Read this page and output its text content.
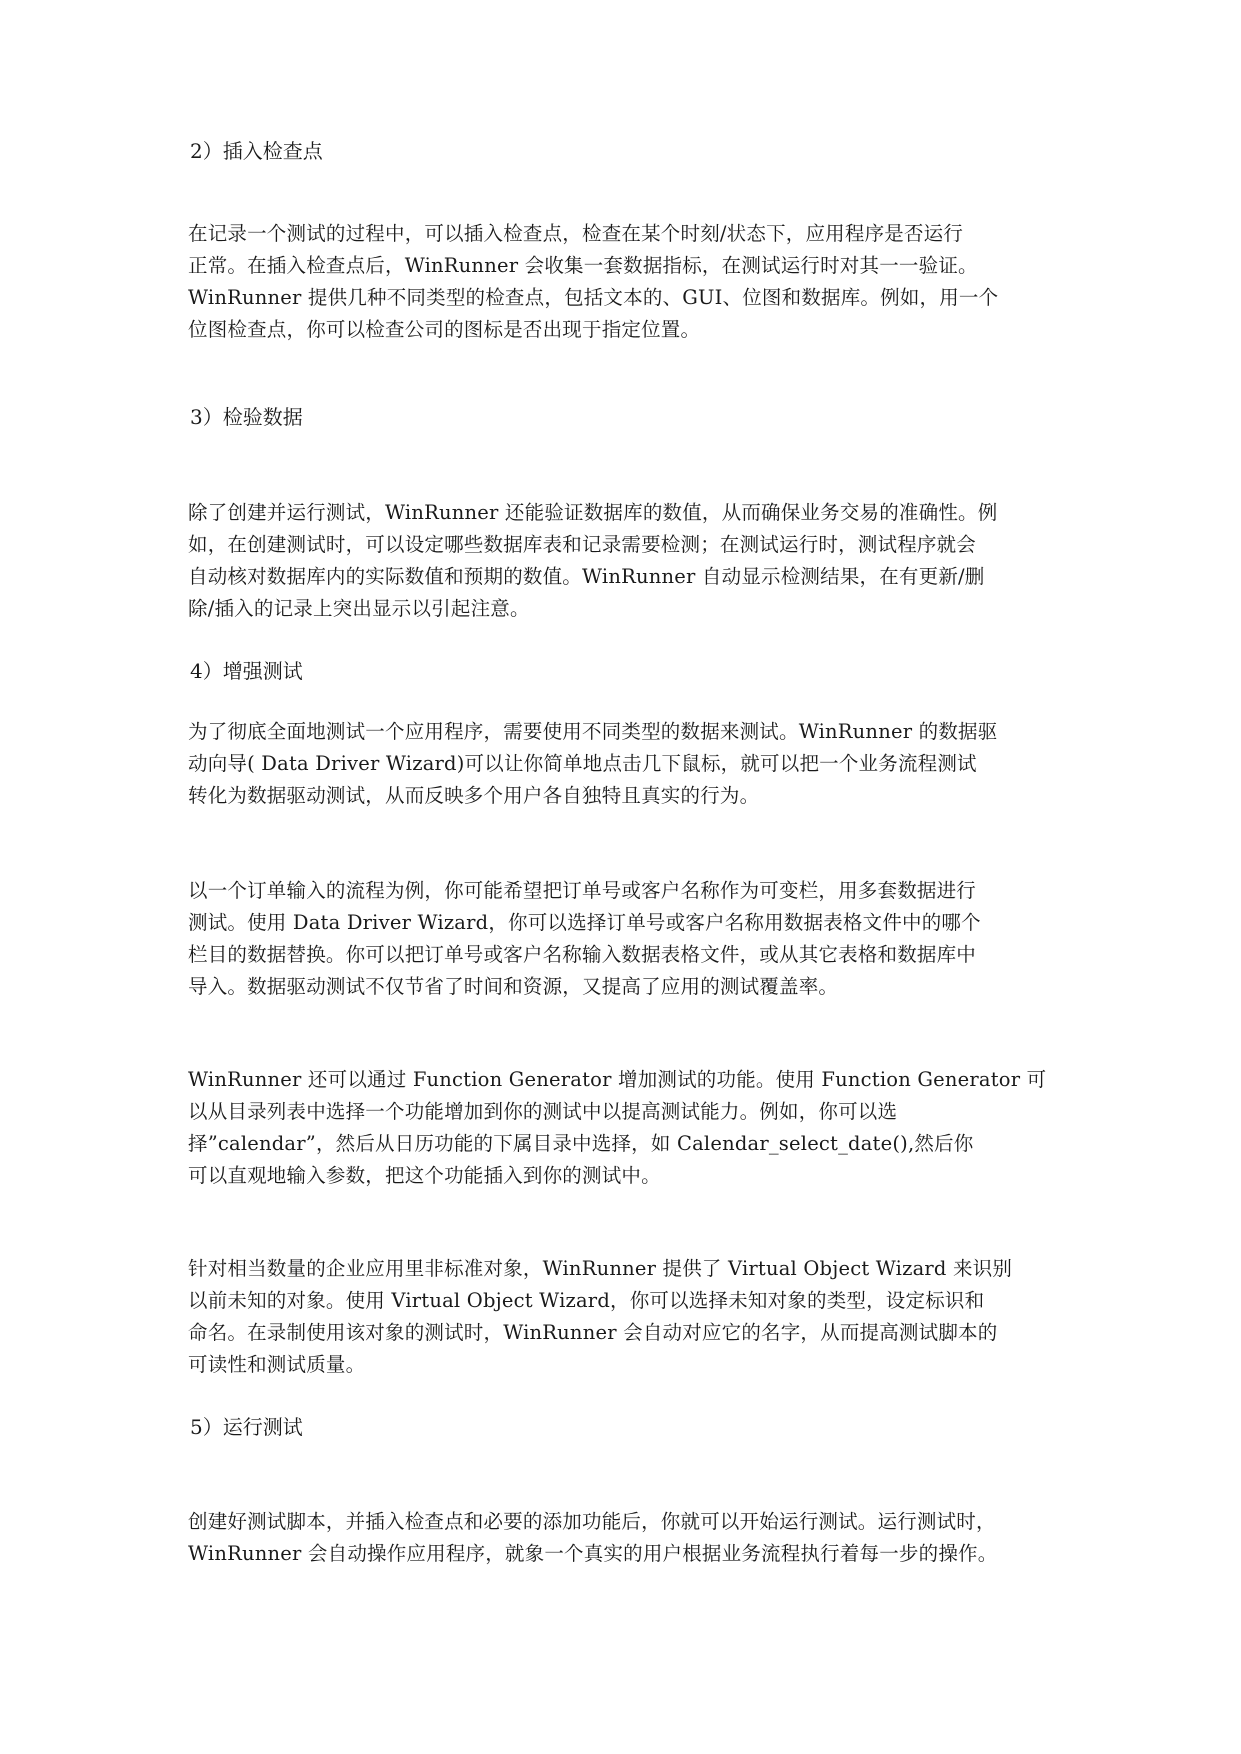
2）插入检查点
在记录一个测试的过程中，可以插入检查点，检查在某个时刻/状态下，应用程序是否运行
正常。在插入检查点后，WinRunner 会收集一套数据指标，在测试运行时对其一一验证。
WinRunner 提供几种不同类型的检查点，包括文本的、GUI、位图和数据库。例如，用一个
位图检查点，你可以检查公司的图标是否出现于指定位置。
3）检验数据
除了创建并运行测试，WinRunner 还能验证数据库的数值，从而确保业务交易的准确性。例
如，在创建测试时，可以设定哪些数据库表和记录需要检测；在测试运行时，测试程序就会
自动核对数据库内的实际数值和预期的数值。WinRunner 自动显示检测结果，在有更新/删
除/插入的记录上突出显示以引起注意。
4）增强测试
为了彻底全面地测试一个应用程序，需要使用不同类型的数据来测试。WinRunner 的数据驱
动向导( Data Driver Wizard)可以让你简单地点击几下鼠标，就可以把一个业务流程测试
转化为数据驱动测试，从而反映多个用户各自独特且真实的行为。
以一个订单输入的流程为例，你可能希望把订单号或客户名称作为可变栏，用多套数据进行
测试。使用 Data Driver Wizard，你可以选择订单号或客户名称用数据表格文件中的哪个
栏目的数据替换。你可以把订单号或客户名称输入数据表格文件，或从其它表格和数据库中
导入。数据驱动测试不仅节省了时间和资源，又提高了应用的测试覆盖率。
WinRunner 还可以通过 Function Generator 增加测试的功能。使用 Function Generator 可
以从目录列表中选择一个功能增加到你的测试中以提高测试能力。例如，你可以选
择”calendar”，然后从日历功能的下属目录中选择，如 Calendar_select_date(),然后你
可以直观地输入参数，把这个功能插入到你的测试中。
针对相当数量的企业应用里非标准对象，WinRunner 提供了 Virtual Object Wizard 来识别
以前未知的对象。使用 Virtual Object Wizard，你可以选择未知对象的类型，设定标识和
命名。在录制使用该对象的测试时，WinRunner 会自动对应它的名字，从而提高测试脚本的
可读性和测试质量。
5）运行测试
创建好测试脚本，并插入检查点和必要的添加功能后，你就可以开始运行测试。运行测试时，
WinRunner 会自动操作应用程序，就象一个真实的用户根据业务流程执行着每一步的操作。
